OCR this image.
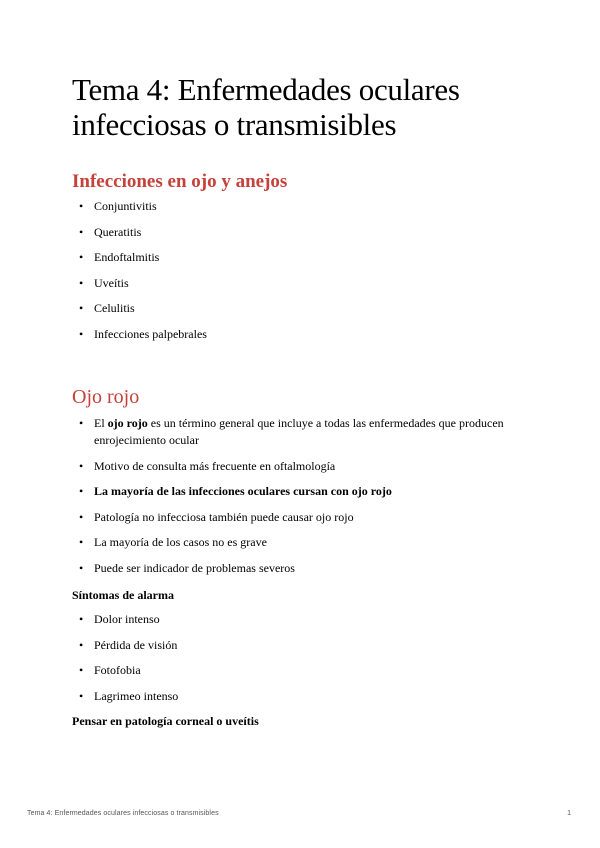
Tema 4: Enfermedades oculares infecciosas o transmisibles
Infecciones en ojo y anejos
• Conjuntivitis
• Queratitis
• Endoftalmitis
• Uveítis
• Celulitis
• Infecciones palpebrales
Ojo rojo
• El ojo rojo es un término general que incluye a todas las enfermedades que producen enrojecimiento ocular
• Motivo de consulta más frecuente en oftalmología
• La mayoría de las infecciones oculares cursan con ojo rojo
• Patología no infecciosa también puede causar ojo rojo
• La mayoría de los casos no es grave
• Puede ser indicador de problemas severos
Síntomas de alarma
• Dolor intenso
• Pérdida de visión
• Fotofobia
• Lagrimeo intenso
Pensar en patología corneal o uveítis
Tema 4: Enfermedades oculares infecciosas o transmisibles	1
